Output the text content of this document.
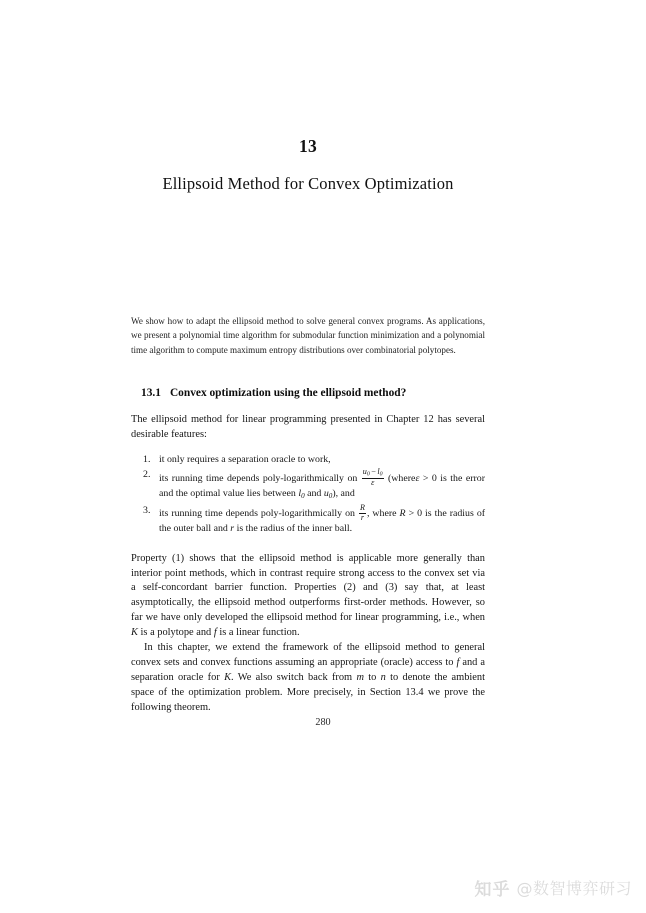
13
Ellipsoid Method for Convex Optimization

We show how to adapt the ellipsoid method to solve general convex programs. As applications, we present a polynomial time algorithm for submodular function minimization and a polynomial time algorithm to compute maximum entropy distributions over combinatorial polytopes.

13.1 Convex optimization using the ellipsoid method?

The ellipsoid method for linear programming presented in Chapter 12 has several desirable features:

it only requires a separation oracle to work,
its running time depends poly-logarithmically on $\frac{u_0 - l_0}{\varepsilon}$ (whereε > 0 is the error and the optimal value lies between $l_0$ and $u_0$), and
its running time depends poly-logarithmically on $\frac{R}{r}$ , where R > 0 is the radius of the outer ball and r is the radius of the inner ball.

Property (1) shows that the ellipsoid method is applicable more generally than interior point methods, which in contrast require strong access to the convex set via a self-concordant barrier function. Properties (2) and (3) say that, at least asymptotically, the ellipsoid method outperforms first-order methods. However, so far we have only developed the ellipsoid method for linear programming, i.e., when K is a polytope and f is a linear function.

In this chapter, we extend the framework of the ellipsoid method to general convex sets and convex functions assuming an appropriate (oracle) access to f and a separation oracle for K. We also switch back from m to n to denote the ambient space of the optimization problem. More precisely, in Section 13.4 we prove the following theorem.

280
知乎 @数智博弈研习
